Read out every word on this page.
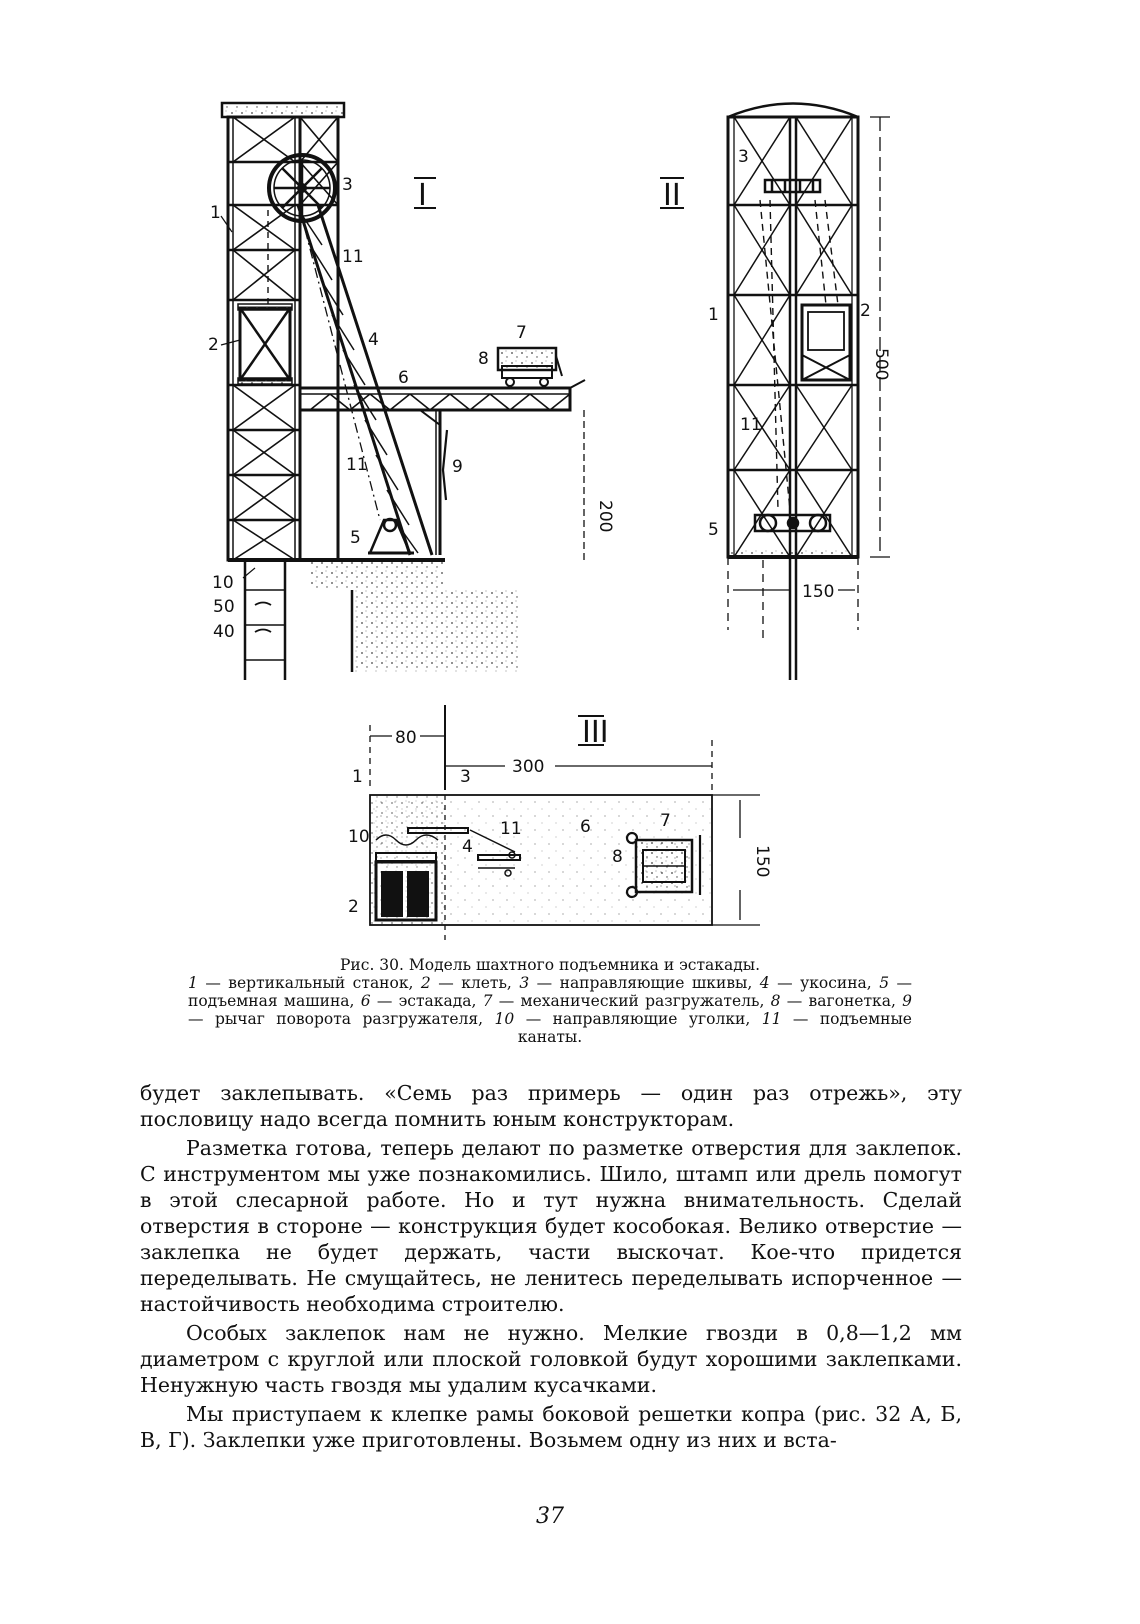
I
1
2
3
4
5
6
7
8
9
10
11
11
50
40
200
II
3
1	2
11
5
150
500
III
80
300
150
1	3
10	4
11	6	7
8
2
Рис. 30. Модель шахтного подъемника и эстакады.
1 — вертикальный станок, 2 — клеть, 3 — направляющие шкивы, 4 — укосина, 5 — подъемная машина, 6 — эстакада, 7 — механический разгружатель, 8 — вагонетка, 9 — рычаг поворота разгружателя, 10 — направляющие уголки, 11 — подъемные канаты.

будет заклепывать. «Семь раз примерь — один раз отрежь», эту пословицу надо всегда помнить юным конструкторам.

Разметка готова, теперь делают по разметке отверстия для заклепок. С инструментом мы уже познакомились. Шило, штамп или дрель помогут в этой слесарной работе. Но и тут нужна внимательность. Сделай отверстия в стороне — конструкция будет кособокая. Велико отверстие — заклепка не будет держать, части выскочат. Кое-что придется переделывать. Не смущайтесь, не ленитесь переделывать испорченное — настойчивость необходима строителю.

Особых заклепок нам не нужно. Мелкие гвозди в 0,8—1,2 мм диаметром с круглой или плоской головкой будут хорошими заклепками. Ненужную часть гвоздя мы удалим кусачками.

Мы приступаем к клепке рамы боковой решетки копра (рис. 32 А, Б, В, Г). Заклепки уже приготовлены. Возьмем одну из них и вста-

37
